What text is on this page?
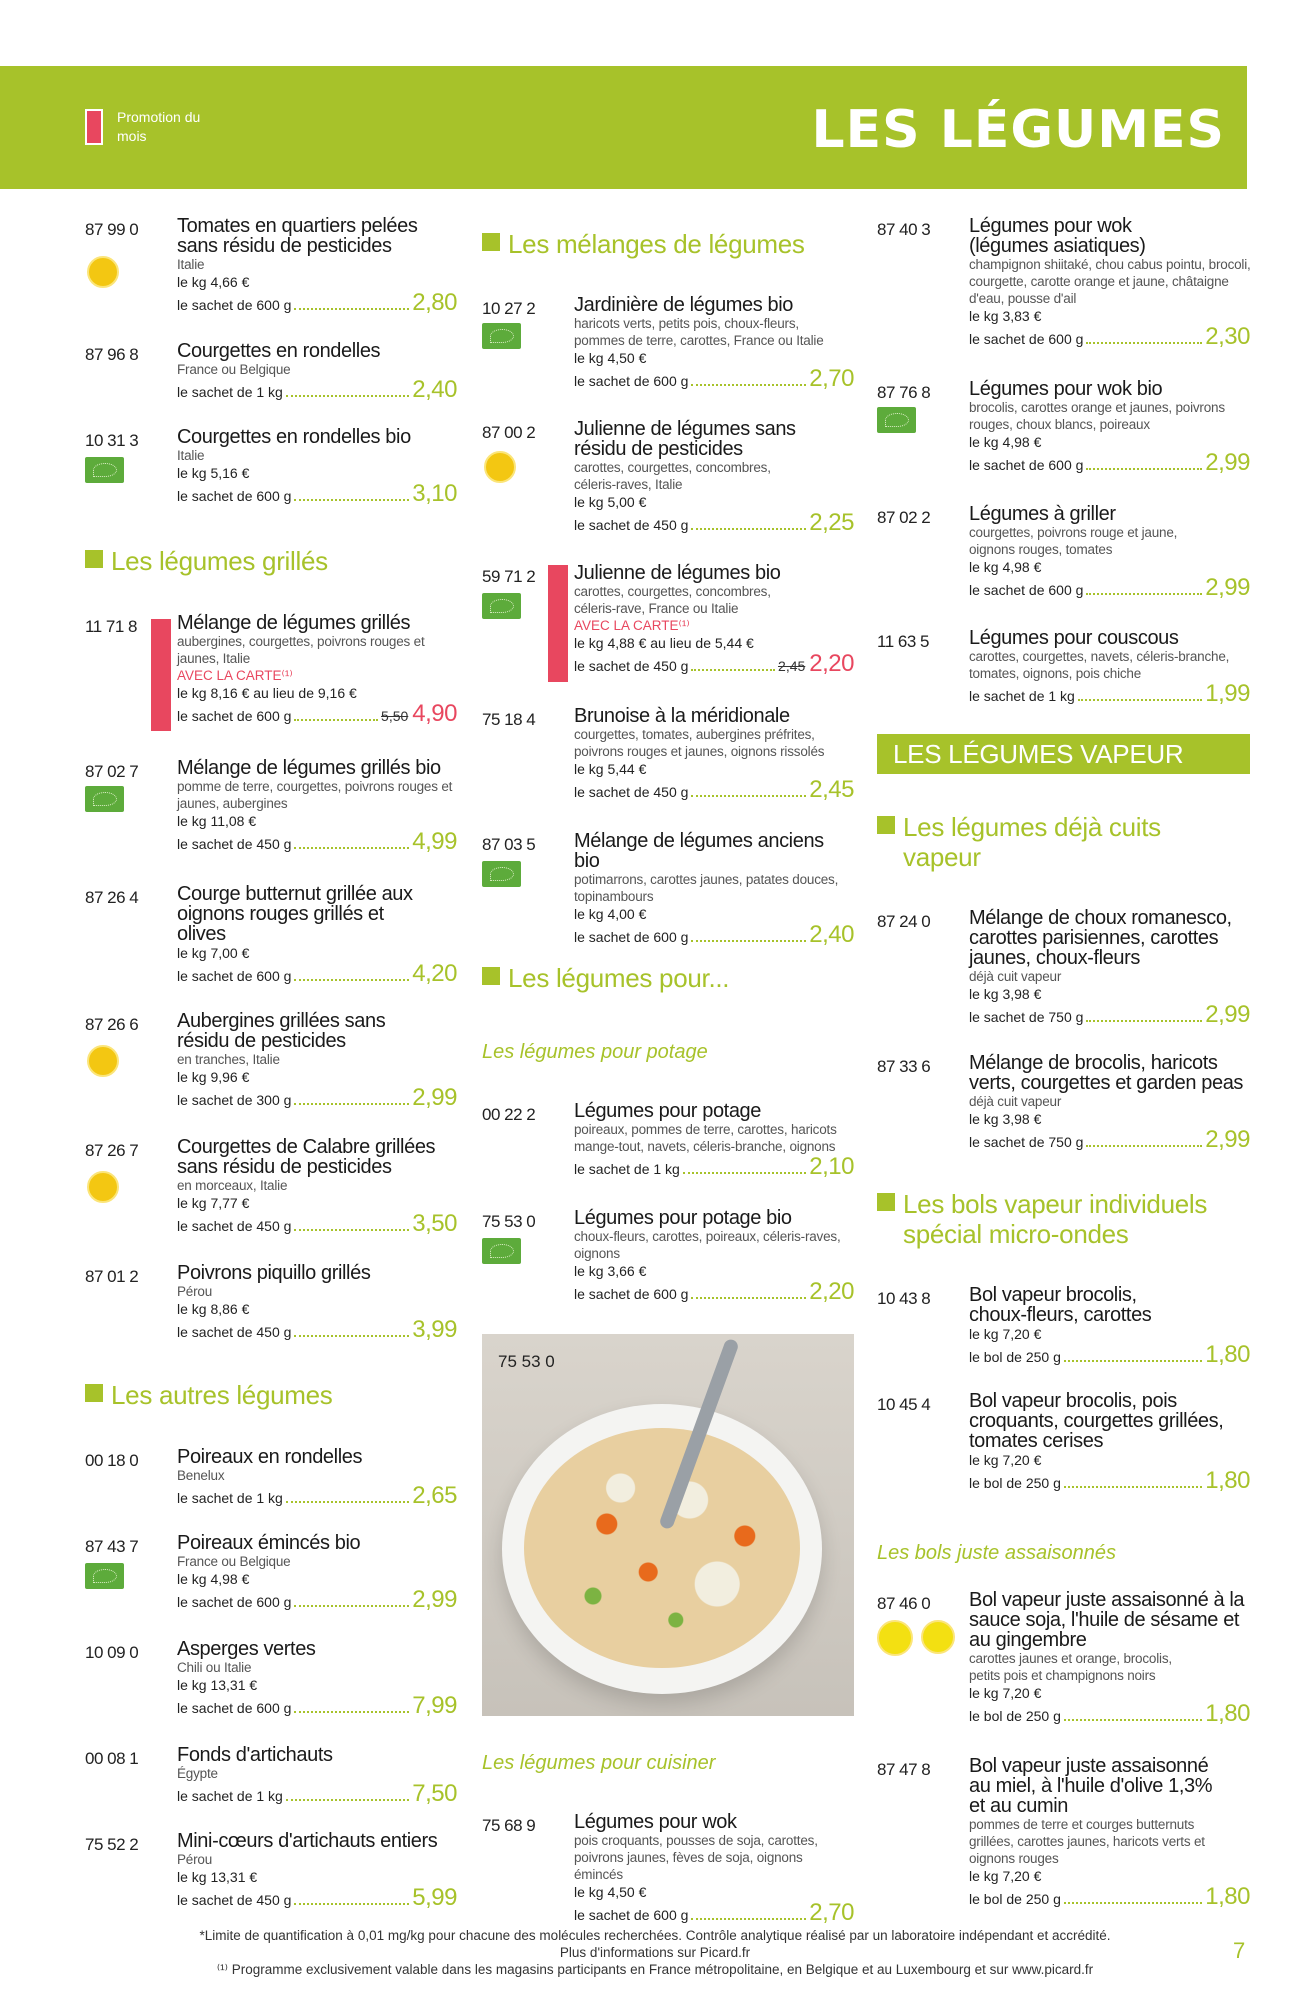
Promotion du mois	LES LÉGUMES
87 99 0 Tomates en quartiers pelées sans résidu de pesticides
Italie
le kg 4,66 €
le sachet de 600 g	2,80
87 96 8 Courgettes en rondelles
France ou Belgique
le sachet de 1 kg	2,40
10 31 3 Courgettes en rondelles bio
Italie
le kg 5,16 €
le sachet de 600 g	3,10
Les légumes grillés
11 71 8 Mélange de légumes grillés
aubergines, courgettes, poivrons rouges et jaunes, Italie
AVEC LA CARTE⁽¹⁾
le kg 8,16 € au lieu de 9,16 €
le sachet de 600 g	5,50 4,90
87 02 7 Mélange de légumes grillés bio
pomme de terre, courgettes, poivrons rouges et jaunes, aubergines
le kg 11,08 €
le sachet de 450 g	4,99
87 26 4 Courge butternut grillée aux oignons rouges grillés et olives
le kg 7,00 €
le sachet de 600 g	4,20
87 26 6 Aubergines grillées sans résidu de pesticides
en tranches, Italie
le kg 9,96 €
le sachet de 300 g	2,99
87 26 7 Courgettes de Calabre grillées sans résidu de pesticides
en morceaux, Italie
le kg 7,77 €
le sachet de 450 g	3,50
87 01 2 Poivrons piquillo grillés
Pérou
le kg 8,86 €
le sachet de 450 g	3,99
Les autres légumes
00 18 0 Poireaux en rondelles
Benelux
le sachet de 1 kg	2,65
87 43 7 Poireaux émincés bio
France ou Belgique
le kg 4,98 €
le sachet de 600 g	2,99
10 09 0 Asperges vertes
Chili ou Italie
le kg 13,31 €
le sachet de 600 g	7,99
00 08 1 Fonds d'artichauts
Égypte
le sachet de 1 kg	7,50
75 52 2 Mini-cœurs d'artichauts entiers
Pérou
le kg 13,31 €
le sachet de 450 g	5,99
Les mélanges de légumes
10 27 2 Jardinière de légumes bio
haricots verts, petits pois, choux-fleurs, pommes de terre, carottes, France ou Italie
le kg 4,50 €
le sachet de 600 g	2,70
87 00 2 Julienne de légumes sans résidu de pesticides
carottes, courgettes, concombres, céleris-raves, Italie
le kg 5,00 €
le sachet de 450 g	2,25
59 71 2 Julienne de légumes bio
carottes, courgettes, concombres, céleris-rave, France ou Italie
AVEC LA CARTE⁽¹⁾
le kg 4,88 € au lieu de 5,44 €
le sachet de 450 g	2,45 2,20
75 18 4 Brunoise à la méridionale
courgettes, tomates, aubergines préfrites, poivrons rouges et jaunes, oignons rissolés
le kg 5,44 €
le sachet de 450 g	2,45
87 03 5 Mélange de légumes anciens bio
potimarrons, carottes jaunes, patates douces, topinambours
le kg 4,00 €
le sachet de 600 g	2,40
Les légumes pour...
Les légumes pour potage
00 22 2 Légumes pour potage
poireaux, pommes de terre, carottes, haricots mange-tout, navets, céleris-branche, oignons
le sachet de 1 kg	2,10
75 53 0 Légumes pour potage bio
choux-fleurs, carottes, poireaux, céleris-raves, oignons
le kg 3,66 €
le sachet de 600 g	2,20
75 53 0
Les légumes pour cuisiner
75 68 9 Légumes pour wok
pois croquants, pousses de soja, carottes, poivrons jaunes, fèves de soja, oignons émincés
le kg 4,50 €
le sachet de 600 g	2,70
87 40 3 Légumes pour wok (légumes asiatiques)
champignon shiitaké, chou cabus pointu, brocoli, courgette, carotte orange et jaune, châtaigne d'eau, pousse d'ail
le kg 3,83 €
le sachet de 600 g	2,30
87 76 8 Légumes pour wok bio
brocolis, carottes orange et jaunes, poivrons rouges, choux blancs, poireaux
le kg 4,98 €
le sachet de 600 g	2,99
87 02 2 Légumes à griller
courgettes, poivrons rouge et jaune, oignons rouges, tomates
le kg 4,98 €
le sachet de 600 g	2,99
11 63 5 Légumes pour couscous
carottes, courgettes, navets, céleris-branche, tomates, oignons, pois chiche
le sachet de 1 kg	1,99
LES LÉGUMES VAPEUR
Les légumes déjà cuits vapeur
87 24 0 Mélange de choux romanesco, carottes parisiennes, carottes jaunes, choux-fleurs
déjà cuit vapeur
le kg 3,98 €
le sachet de 750 g	2,99
87 33 6 Mélange de brocolis, haricots verts, courgettes et garden peas
déjà cuit vapeur
le kg 3,98 €
le sachet de 750 g	2,99
Les bols vapeur individuels spécial micro-ondes
10 43 8 Bol vapeur brocolis, choux-fleurs, carottes
le kg 7,20 €
le bol de 250 g	1,80
10 45 4 Bol vapeur brocolis, pois croquants, courgettes grillées, tomates cerises
le kg 7,20 €
le bol de 250 g	1,80
Les bols juste assaisonnés
87 46 0 Bol vapeur juste assaisonné à la sauce soja, l'huile de sésame et au gingembre
carottes jaunes et orange, brocolis, petits pois et champignons noirs
le kg 7,20 €
le bol de 250 g	1,80
87 47 8 Bol vapeur juste assaisonné au miel, à l'huile d'olive 1,3% et au cumin
pommes de terre et courges butternuts grillées, carottes jaunes, haricots verts et oignons rouges
le kg 7,20 €
le bol de 250 g	1,80
*Limite de quantification à 0,01 mg/kg pour chacune des molécules recherchées. Contrôle analytique réalisé par un laboratoire indépendant et accrédité. Plus d'informations sur Picard.fr
⁽¹⁾ Programme exclusivement valable dans les magasins participants en France métropolitaine, en Belgique et au Luxembourg et sur www.picard.fr
7
